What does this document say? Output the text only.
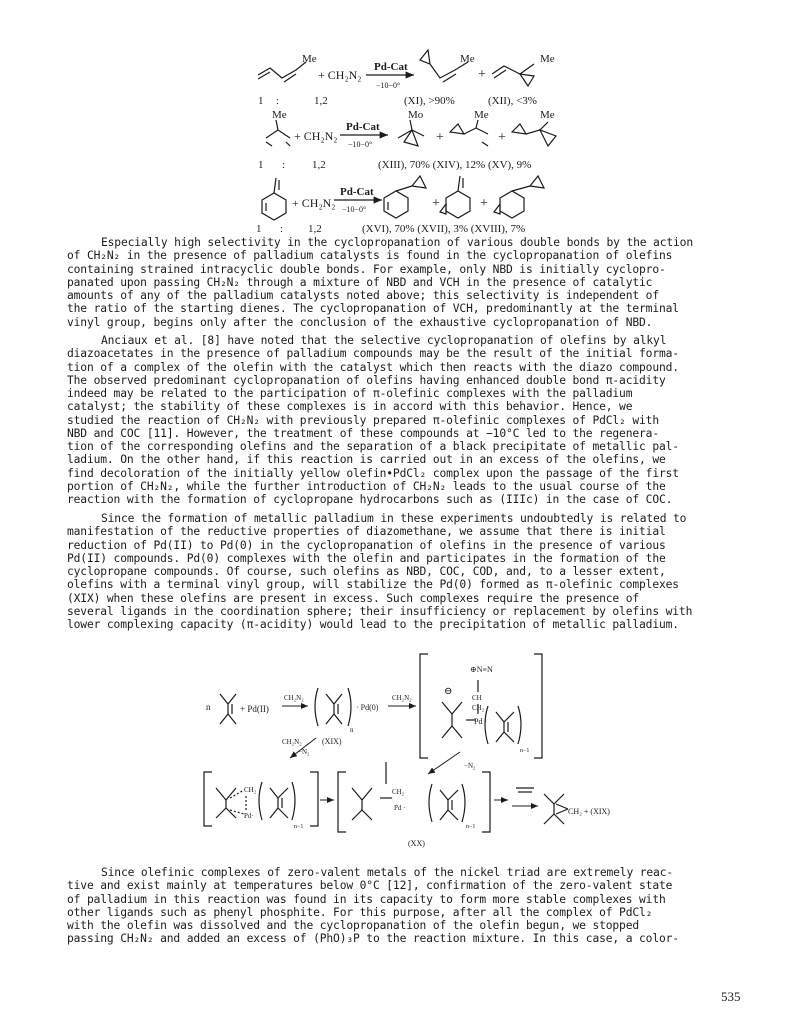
Me
+ CH₂N₂
Pd-Cat
−10−0°
Me
+
Me
1 :	1,2	(XI), >90%	(XII), <3%
Me
+ CH₂N₂
Pd-Cat
−10−0°
Mo
+
Me
+
Me
1 : 1,2	(XIII), 70% (XIV), 12% (XV), 9%
+ CH₂N₂
Pd-Cat
−10−0°	+	+
1 : 1,2	(XVI), 70% (XVII), 3% (XVIII), 7%
Especially high selectivity in the cyclopropanation of various double bonds by the action
of CH₂N₂ in the presence of palladium catalysts is found in the cyclopropanation of olefins
containing strained intracyclic double bonds. For example, only NBD is initially cyclopro-
panated upon passing CH₂N₂ through a mixture of NBD and VCH in the presence of catalytic
amounts of any of the palladium catalysts noted above; this selectivity is independent of
the ratio of the starting dienes. The cyclopropanation of VCH, predominantly at the terminal
vinyl group, begins only after the conclusion of the exhaustive cyclopropanation of NBD.
Anciaux et al. [8] have noted that the selective cyclopropanation of olefins by alkyl
diazoacetates in the presence of palladium compounds may be the result of the initial forma-
tion of a complex of the olefin with the catalyst which then reacts with the diazo compound.
The observed predominant cyclopropanation of olefins having enhanced double bond π-acidity
indeed may be related to the participation of π-olefinic complexes with the palladium
catalyst; the stability of these complexes is in accord with this behavior. Hence, we
studied the reaction of CH₂N₂ with previously prepared π-olefinic complexes of PdCl₂ with
NBD and COC [11]. However, the treatment of these compounds at −10°C led to the regenera-
tion of the corresponding olefins and the separation of a black precipitate of metallic pal-
ladium. On the other hand, if this reaction is carried out in an excess of the olefins, we
find decoloration of the initially yellow olefin•PdCl₂ complex upon the passage of the first
portion of CH₂N₂, while the further introduction of CH₂N₂ leads to the usual course of the
reaction with the formation of cyclopropane hydrocarbons such as (IIIc) in the case of COC.
Since the formation of metallic palladium in these experiments undoubtedly is related to
manifestation of the reductive properties of diazomethane, we assume that there is initial
reduction of Pd(II) to Pd(0) in the cyclopropanation of olefins in the presence of various
Pd(II) compounds. Pd(0) complexes with the olefin and participates in the formation of the
cyclopropane compounds. Of course, such olefins as NBD, COC, COD, and, to a lesser extent,
olefins with a terminal vinyl group, will stabilize the Pd(0) formed as π-olefinic complexes
(XIX) when these olefins are present in excess. Such complexes require the presence of
several ligands in the coordination sphere; their insufficiency or replacement by olefins with
lower complexing capacity (π-acidity) would lead to the precipitation of metallic palladium.
n	+ Pd(II)
CH₂N₂
n
· Pd(0)
(XIX)
CH₂N₂
⊕N≡N
⊖
CH
CH₂
Pd ·
n−1
CH₂N₂
−N₂
−N₂
CH₂
Pd·
n−1
CH₂
Pd ·
n−1
(XX)
CH₂ + (XIX)
Since olefinic complexes of zero-valent metals of the nickel triad are extremely reac-
tive and exist mainly at temperatures below 0°C [12], confirmation of the zero-valent state
of palladium in this reaction was found in its capacity to form more stable complexes with
other ligands such as phenyl phosphite. For this purpose, after all the complex of PdCl₂
with the olefin was dissolved and the cyclopropanation of the olefin begun, we stopped
passing CH₂N₂ and added an excess of (PhO)₃P to the reaction mixture. In this case, a color-
535
